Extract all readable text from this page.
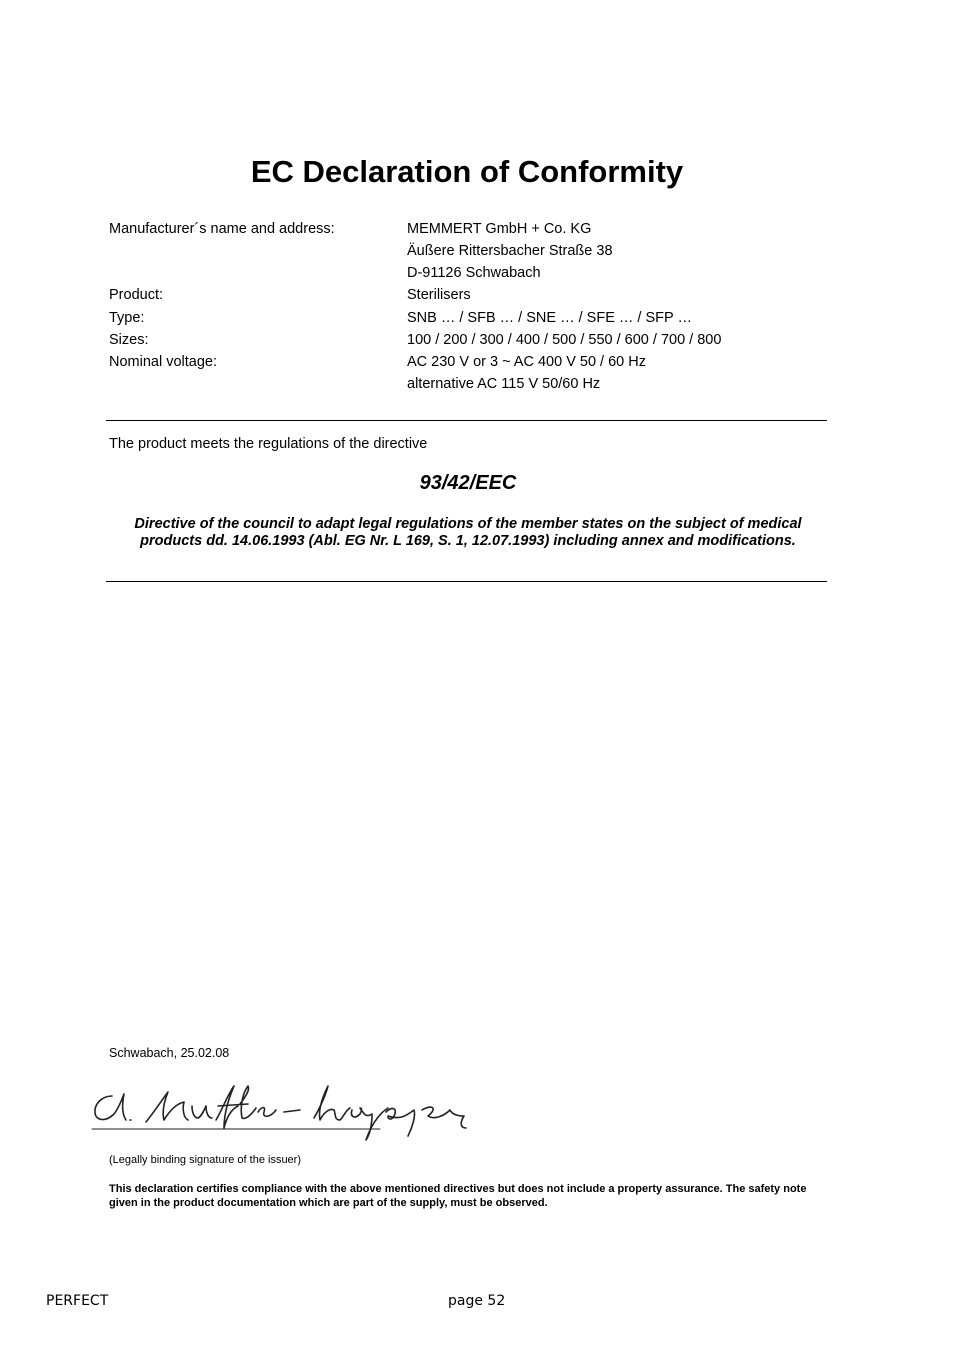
EC Declaration of Conformity
Manufacturer´s name and address:	MEMMERT GmbH + Co. KG
Äußere Rittersbacher Straße 38
D-91126 Schwabach
Product:	Sterilisers
Type:	SNB … / SFB … / SNE … / SFE … / SFP …
Sizes:	100 / 200 / 300 / 400 / 500 / 550 / 600 / 700 / 800
Nominal voltage:	AC 230 V or 3 ~ AC 400 V 50 / 60 Hz
alternative AC 115 V 50/60 Hz
The product meets the regulations of the directive
93/42/EEC
Directive of the council to adapt legal regulations of the member states on the subject of medical products dd. 14.06.1993 (Abl. EG Nr. L 169, S. 1, 12.07.1993) including annex and modifications.
Schwabach, 25.02.08
(Legally binding signature of the issuer)
This declaration certifies compliance with the above mentioned directives but does not include a property assurance. The safety note given in the product documentation which are part of the supply, must be observed.
PERFECT	page 52
